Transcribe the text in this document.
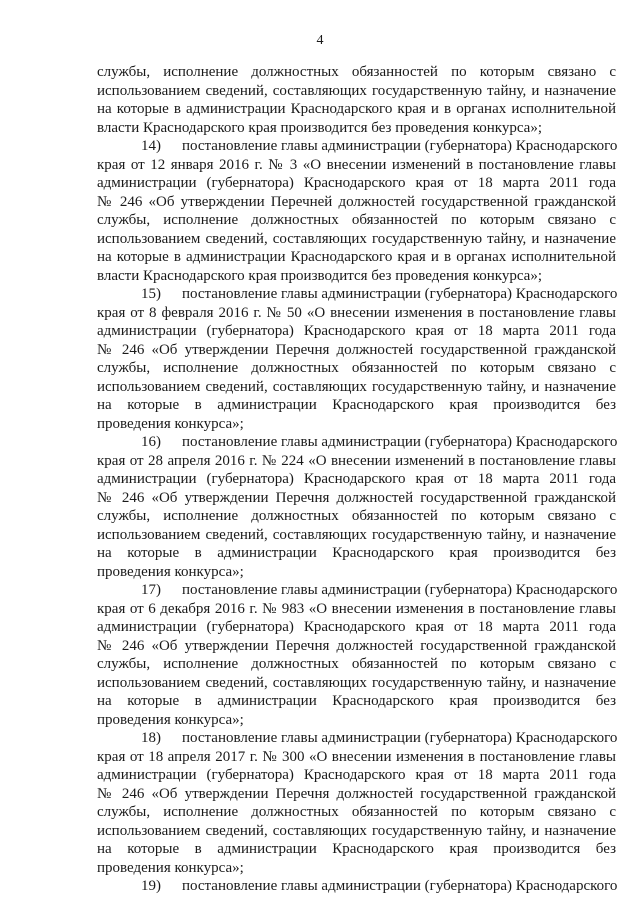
4
службы, исполнение должностных обязанностей по которым связано с
использованием сведений, составляющих государственную тайну, и назначение
на которые в администрации Краснодарского края и в органах исполнительной
власти Краснодарского края производится без проведения конкурса»;
14) постановление главы администрации (губернатора) Краснодарского
края от 12 января 2016 г. № 3 «О внесении изменений в постановление главы
администрации (губернатора) Краснодарского края от 18 марта 2011 года
№ 246 «Об утверждении Перечней должностей государственной гражданской
службы, исполнение должностных обязанностей по которым связано с
использованием сведений, составляющих государственную тайну, и назначение
на которые в администрации Краснодарского края и в органах исполнительной
власти Краснодарского края производится без проведения конкурса»;
15) постановление главы администрации (губернатора) Краснодарского
края от 8 февраля 2016 г. № 50 «О внесении изменения в постановление главы
администрации (губернатора) Краснодарского края от 18 марта 2011 года
№ 246 «Об утверждении Перечня должностей государственной гражданской
службы, исполнение должностных обязанностей по которым связано с
использованием сведений, составляющих государственную тайну, и назначение
на которые в администрации Краснодарского края производится без
проведения конкурса»;
16) постановление главы администрации (губернатора) Краснодарского
края от 28 апреля 2016 г. № 224 «О внесении изменений в постановление главы
администрации (губернатора) Краснодарского края от 18 марта 2011 года
№ 246 «Об утверждении Перечня должностей государственной гражданской
службы, исполнение должностных обязанностей по которым связано с
использованием сведений, составляющих государственную тайну, и назначение
на которые в администрации Краснодарского края производится без
проведения конкурса»;
17) постановление главы администрации (губернатора) Краснодарского
края от 6 декабря 2016 г. № 983 «О внесении изменения в постановление главы
администрации (губернатора) Краснодарского края от 18 марта 2011 года
№ 246 «Об утверждении Перечня должностей государственной гражданской
службы, исполнение должностных обязанностей по которым связано с
использованием сведений, составляющих государственную тайну, и назначение
на которые в администрации Краснодарского края производится без
проведения конкурса»;
18) постановление главы администрации (губернатора) Краснодарского
края от 18 апреля 2017 г. № 300 «О внесении изменения в постановление главы
администрации (губернатора) Краснодарского края от 18 марта 2011 года
№ 246 «Об утверждении Перечня должностей государственной гражданской
службы, исполнение должностных обязанностей по которым связано с
использованием сведений, составляющих государственную тайну, и назначение
на которые в администрации Краснодарского края производится без
проведения конкурса»;
19) постановление главы администрации (губернатора) Краснодарского
